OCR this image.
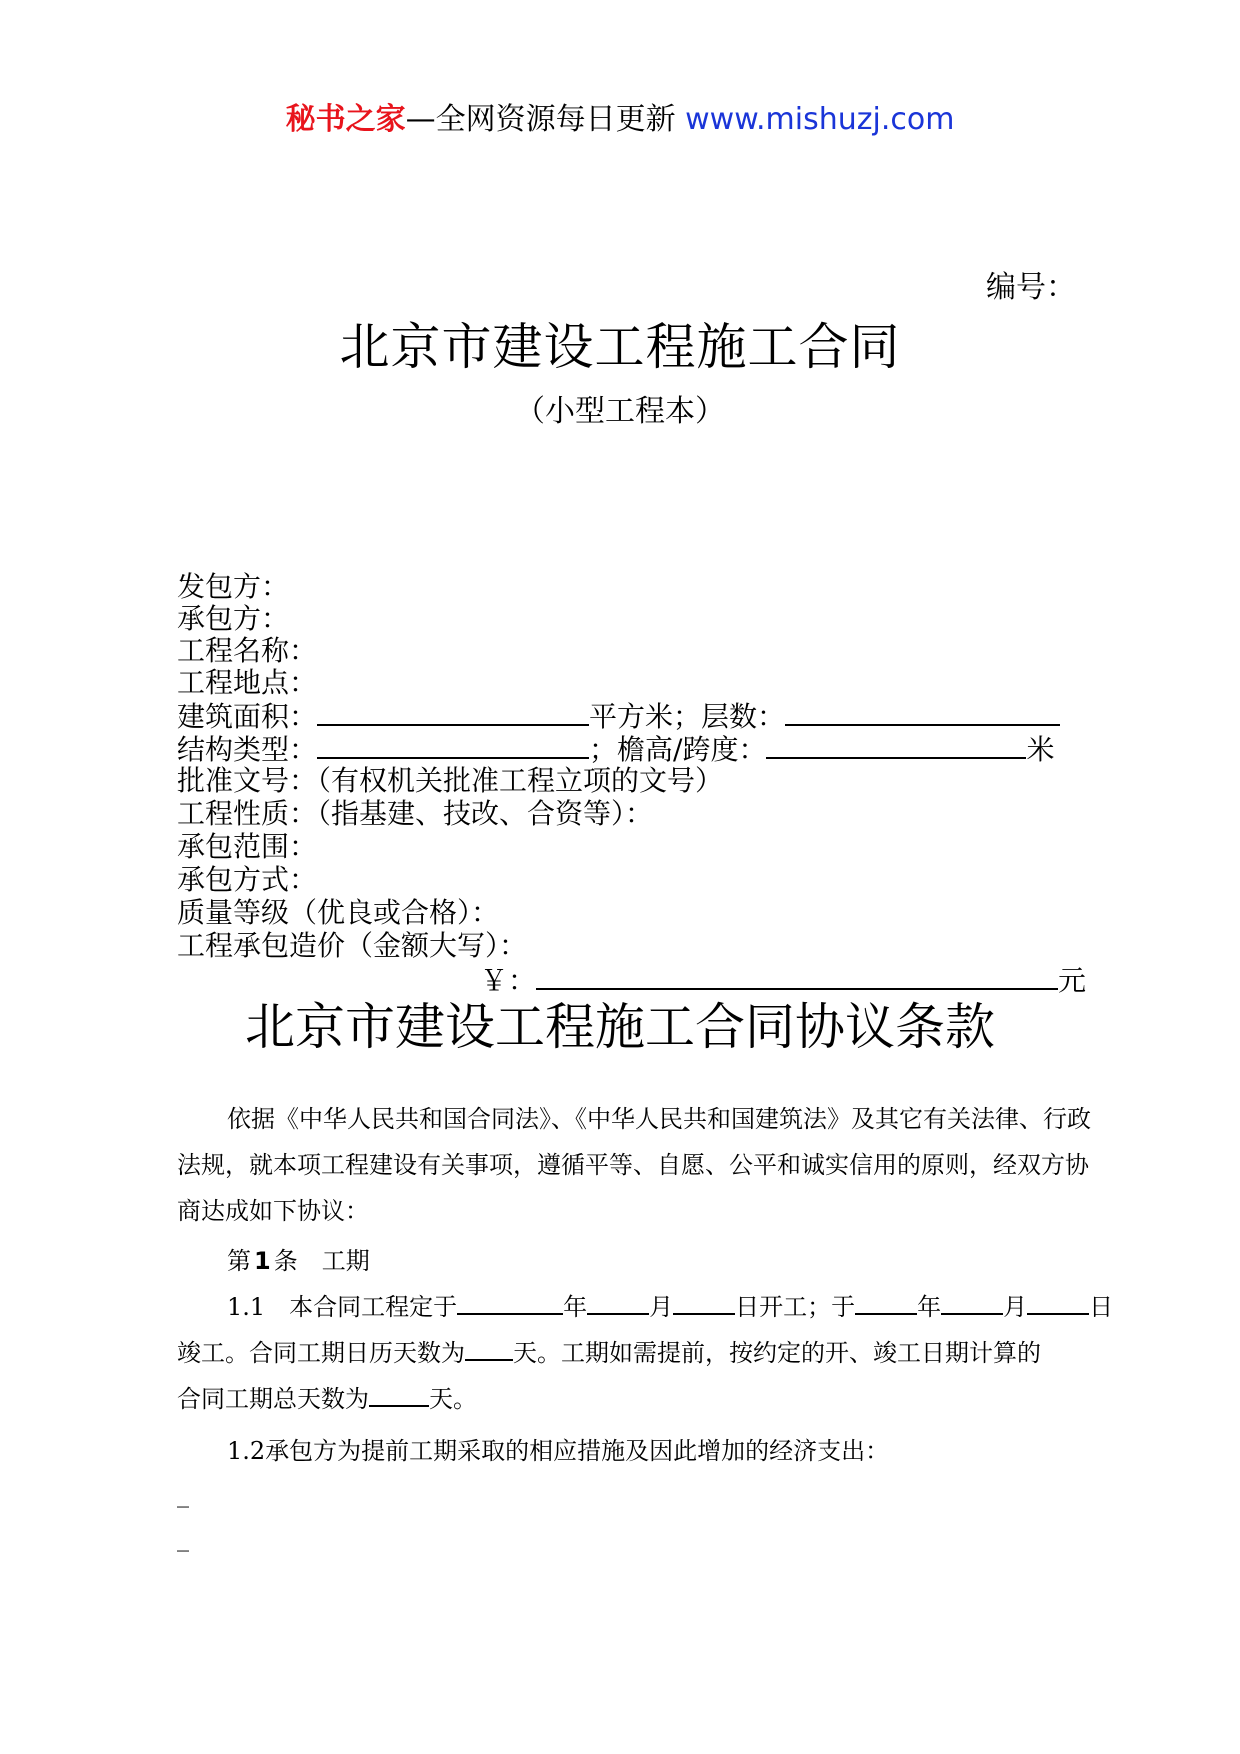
秘书之家—全网资源每日更新 www.mishuzj.com
编号：
北京市建设工程施工合同
（小型工程本）
发包方：
承包方：
工程名称：
工程地点：
建筑面积：	平方米；层数：
结构类型：	；檐高/跨度：	米
批准文号：（有权机关批准工程立项的文号）
工程性质：（指基建、技改、合资等）：
承包范围：
承包方式：
质量等级（优良或合格）：
工程承包造价（金额大写）：
￥：	元
北京市建设工程施工合同协议条款
依据《中华人民共和国合同法》、《中华人民共和国建筑法》及其它有关法律、行政法规，就本项工程建设有关事项，遵循平等、自愿、公平和诚实信用的原则，经双方协商达成如下协议：
第 1 条　工期
1.1　本合同工程定于	年	月	日开工；于	年	月	日
竣工。合同工期日历天数为 天。工期如需提前，按约定的开、竣工日期计算的
合同工期总天数为	天。
1.2承包方为提前工期采取的相应措施及因此增加的经济支出：
_
_
